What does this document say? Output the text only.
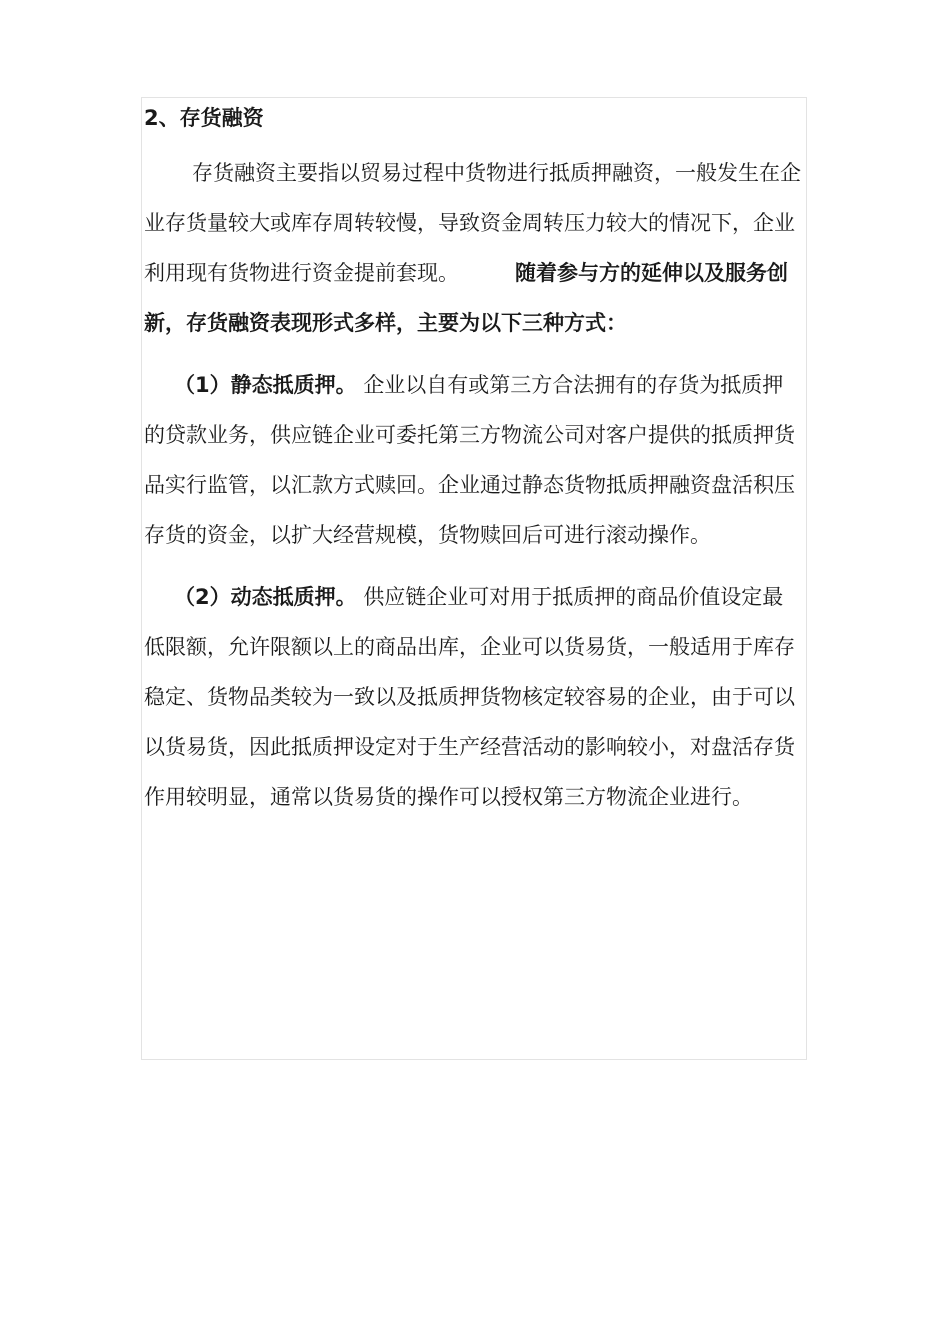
2、存货融资
存货融资主要指以贸易过程中货物进行抵质押融资，一般发生在企业存货量较大或库存周转较慢，导致资金周转压力较大的情况下，企业利用现有货物进行资金提前套现。	随着参与方的延伸以及服务创新，存货融资表现形式多样，主要为以下三种方式：
（1）静态抵质押。 企业以自有或第三方合法拥有的存货为抵质押的贷款业务，供应链企业可委托第三方物流公司对客户提供的抵质押货品实行监管，以汇款方式赎回。企业通过静态货物抵质押融资盘活积压存货的资金，以扩大经营规模，货物赎回后可进行滚动操作。
（2）动态抵质押。 供应链企业可对用于抵质押的商品价值设定最低限额，允许限额以上的商品出库，企业可以货易货，一般适用于库存稳定、货物品类较为一致以及抵质押货物核定较容易的企业，由于可以以货易货，因此抵质押设定对于生产经营活动的影响较小，对盘活存货作用较明显，通常以货易货的操作可以授权第三方物流企业进行。
